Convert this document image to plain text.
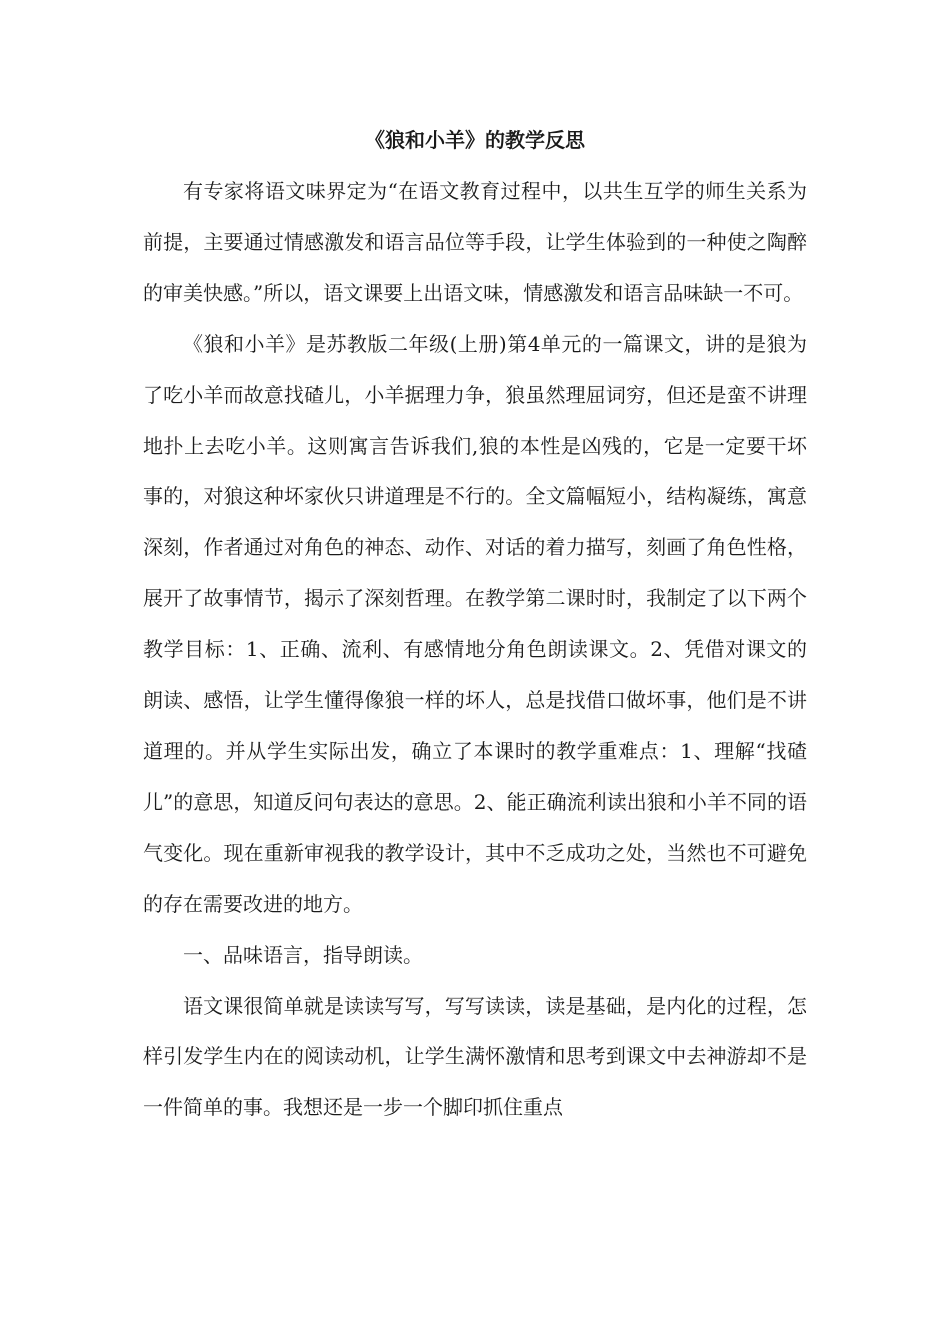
《狼和小羊》的教学反思

有专家将语文味界定为“在语文教育过程中，以共生互学的师生关系为前提，主要通过情感激发和语言品位等手段，让学生体验到的一种使之陶醉的审美快感。”所以，语文课要上出语文味，情感激发和语言品味缺一不可。

《狼和小羊》是苏教版二年级(上册)第4单元的一篇课文，讲的是狼为了吃小羊而故意找碴儿，小羊据理力争，狼虽然理屈词穷，但还是蛮不讲理地扑上去吃小羊。这则寓言告诉我们,狼的本性是凶残的，它是一定要干坏事的，对狼这种坏家伙只讲道理是不行的。全文篇幅短小，结构凝练，寓意深刻，作者通过对角色的神态、动作、对话的着力描写，刻画了角色性格，展开了故事情节，揭示了深刻哲理。在教学第二课时时，我制定了以下两个教学目标：1、正确、流利、有感情地分角色朗读课文。2、凭借对课文的朗读、感悟，让学生懂得像狼一样的坏人，总是找借口做坏事，他们是不讲道理的。并从学生实际出发，确立了本课时的教学重难点：1、理解“找碴儿”的意思，知道反问句表达的意思。2、能正确流利读出狼和小羊不同的语气变化。现在重新审视我的教学设计，其中不乏成功之处，当然也不可避免的存在需要改进的地方。

一、品味语言，指导朗读。

语文课很简单就是读读写写，写写读读，读是基础，是内化的过程，怎样引发学生内在的阅读动机，让学生满怀激情和思考到课文中去神游却不是一件简单的事。我想还是一步一个脚印抓住重点
